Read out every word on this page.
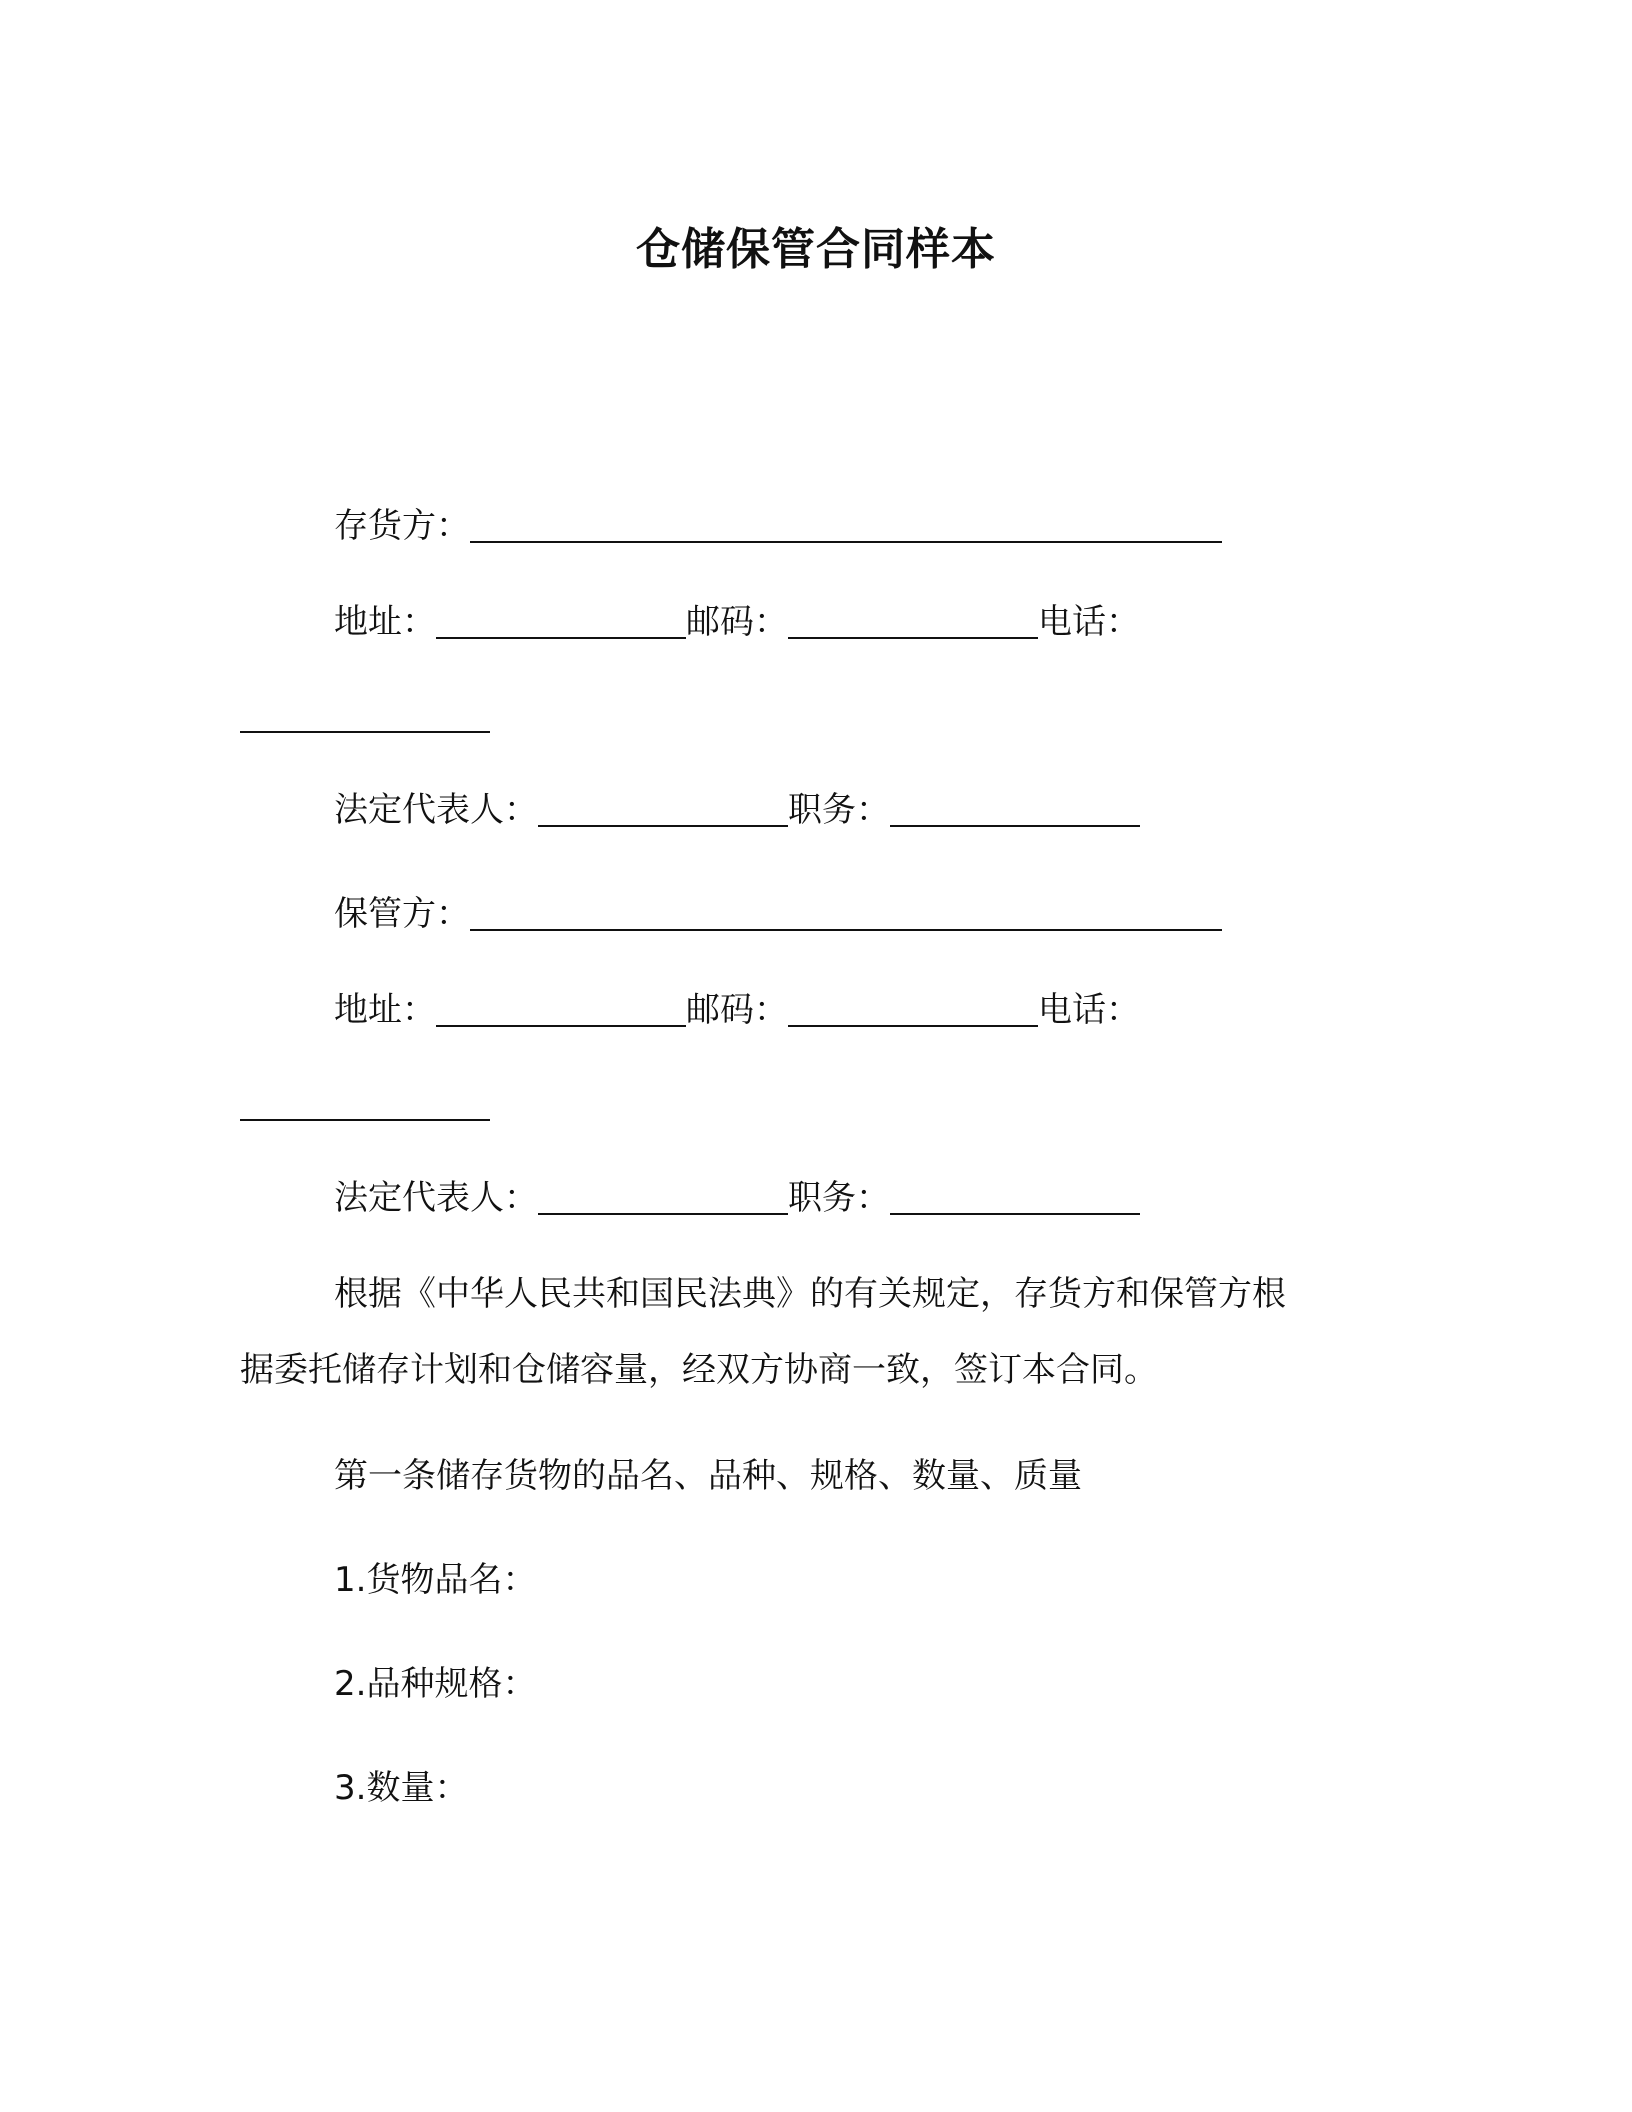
仓储保管合同样本
存货方：
地址：	邮码：	电话：
法定代表人：	职务：
保管方：
地址：	邮码：	电话：
法定代表人：	职务：
根据《中华人民共和国民法典》的有关规定，存货方和保管方根
据委托储存计划和仓储容量，经双方协商一致，签订本合同。
第一条储存货物的品名、品种、规格、数量、质量
1.货物品名：
2.品种规格：
3.数量：
